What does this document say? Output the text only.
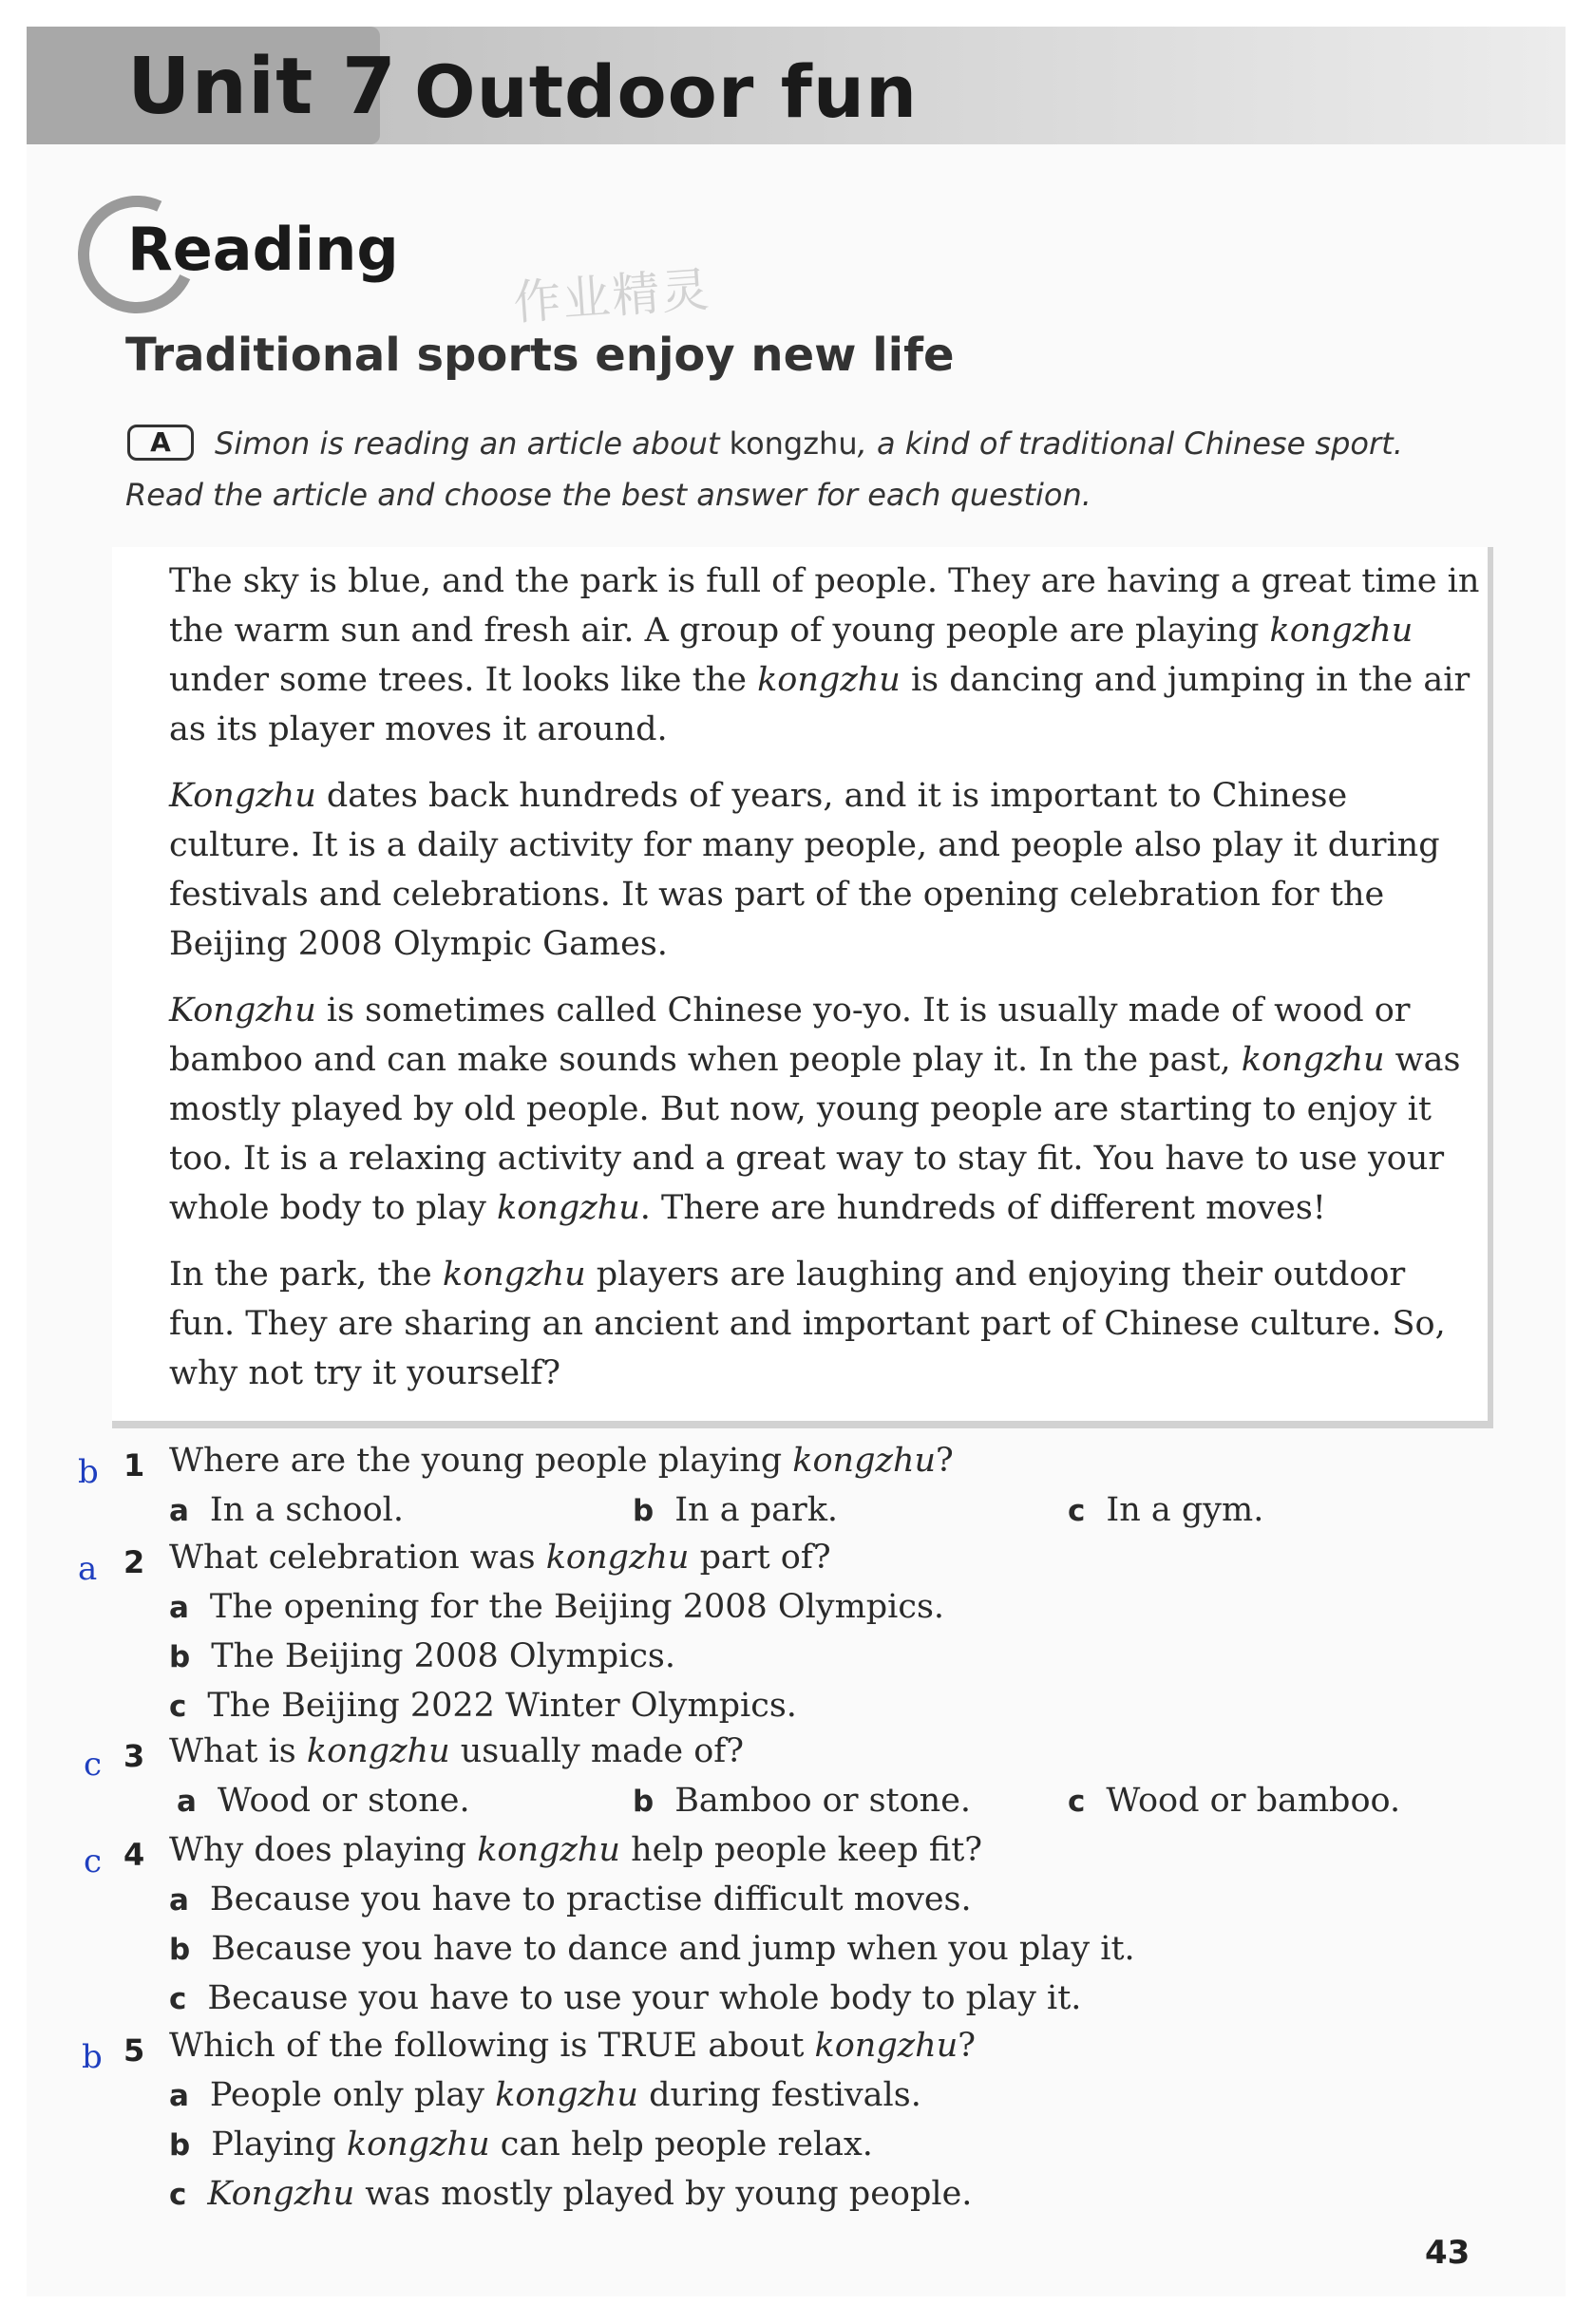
Unit 7 Outdoor fun
Reading
Traditional sports enjoy new life
作业精灵
A	Simon is reading an article about kongzhu, a kind of traditional Chinese sport.
Read the article and choose the best answer for each question.

The sky is blue, and the park is full of people. They are having a great time in the warm sun and fresh air. A group of young people are playing kongzhu under some trees. It looks like the kongzhu is dancing and jumping in the air as its player moves it around.

Kongzhu dates back hundreds of years, and it is important to Chinese culture. It is a daily activity for many people, and people also play it during festivals and celebrations. It was part of the opening celebration for the Beijing 2008 Olympic Games.

Kongzhu is sometimes called Chinese yo-yo. It is usually made of wood or bamboo and can make sounds when people play it. In the past, kongzhu was mostly played by old people. But now, young people are starting to enjoy it too. It is a relaxing activity and a great way to stay fit. You have to use your whole body to play kongzhu. There are hundreds of different moves!

In the park, the kongzhu players are laughing and enjoying their outdoor fun. They are sharing an ancient and important part of Chinese culture. So, why not try it yourself?

b 1 Where are the young people playing kongzhu?
a In a school.	b In a park.	c In a gym.
a 2 What celebration was kongzhu part of?
a The opening for the Beijing 2008 Olympics.
b The Beijing 2008 Olympics.
c The Beijing 2022 Winter Olympics.
c 3 What is kongzhu usually made of?
a Wood or stone.	b Bamboo or stone.	c Wood or bamboo.
c 4 Why does playing kongzhu help people keep fit?
a Because you have to practise difficult moves.
b Because you have to dance and jump when you play it.
c Because you have to use your whole body to play it.
b 5 Which of the following is TRUE about kongzhu?
a People only play kongzhu during festivals.
b Playing kongzhu can help people relax.
c Kongzhu was mostly played by young people.
43
